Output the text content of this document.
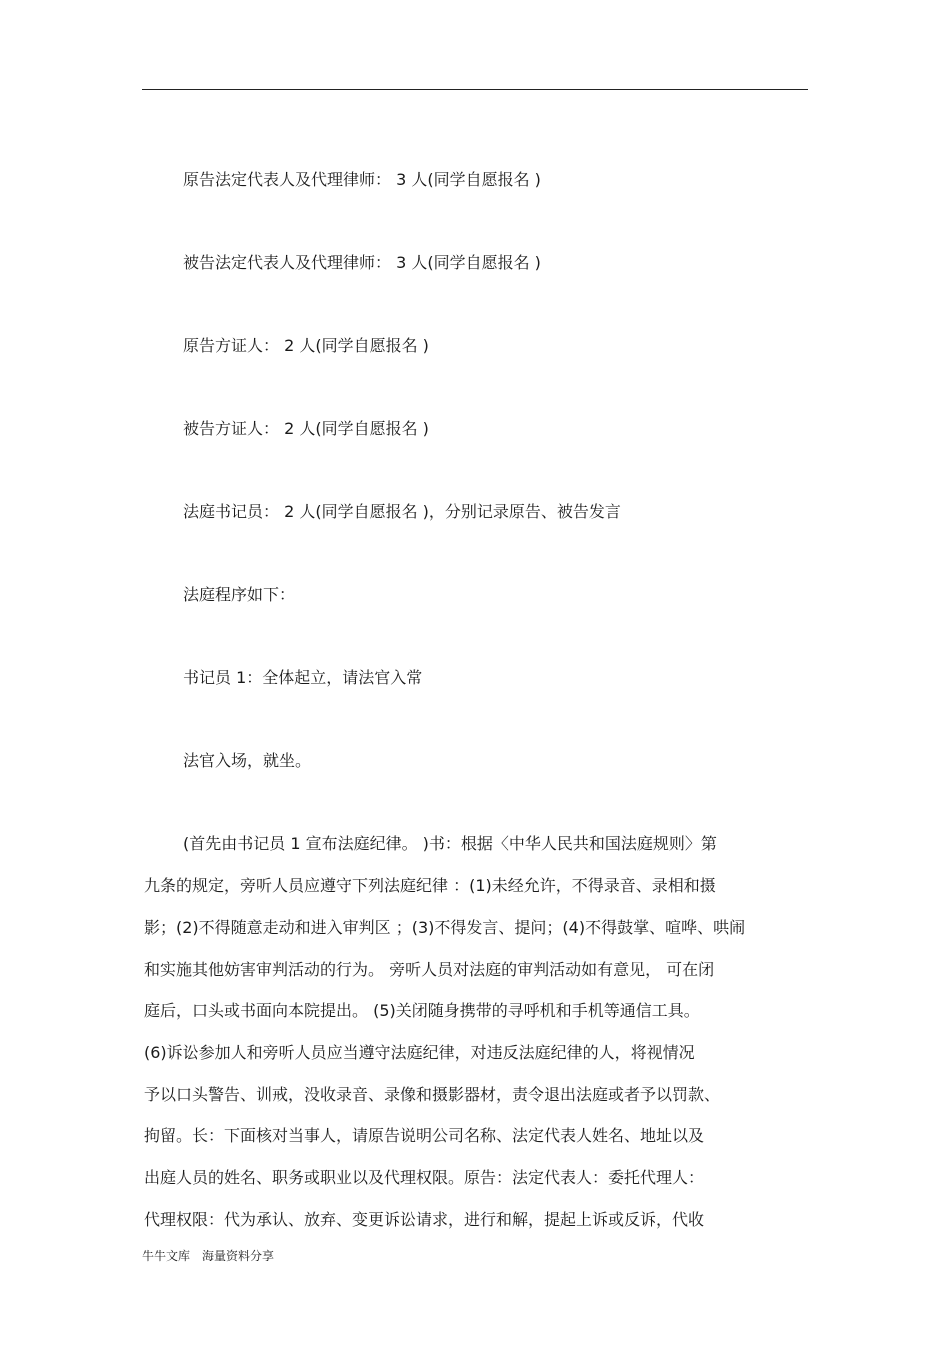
原告法定代表人及代理律师： 3 人(同学自愿报名 )
被告法定代表人及代理律师： 3 人(同学自愿报名 )
原告方证人： 2 人(同学自愿报名 )
被告方证人： 2 人(同学自愿报名 )
法庭书记员： 2 人(同学自愿报名 )，分别记录原告、被告发言
法庭程序如下：
书记员 1：全体起立，请法官入常
法官入场，就坐。
(首先由书记员 1 宣布法庭纪律。 )书：根据〈中华人民共和国法庭规则〉第
九条的规定，旁听人员应遵守下列法庭纪律 ：(1)未经允许，不得录音、录相和摄
影；(2)不得随意走动和进入审判区 ；(3)不得发言、提问；(4)不得鼓掌、喧哗、哄闹
和实施其他妨害审判活动的行为。 旁听人员对法庭的审判活动如有意见， 可在闭
庭后，口头或书面向本院提出。 (5)关闭随身携带的寻呼机和手机等通信工具。
(6)诉讼参加人和旁听人员应当遵守法庭纪律，对违反法庭纪律的人，将视情况
予以口头警告、训戒，没收录音、录像和摄影器材，责令退出法庭或者予以罚款、
拘留。长：下面核对当事人，请原告说明公司名称、法定代表人姓名、地址以及
出庭人员的姓名、职务或职业以及代理权限。原告：法定代表人：委托代理人：
代理权限：代为承认、放弃、变更诉讼请求，进行和解，提起上诉或反诉，代收
牛牛文库 海量资料分享
